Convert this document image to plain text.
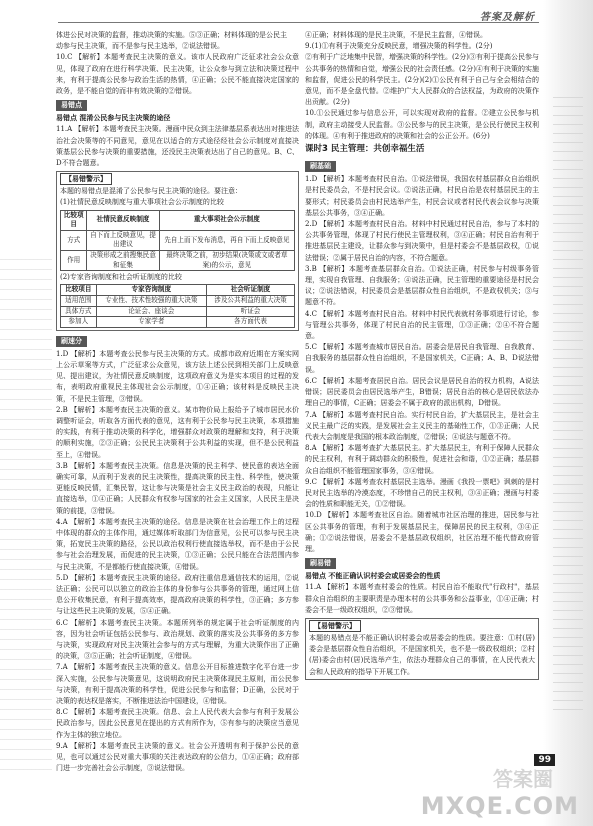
答案及解析

体进公民对决策的监督，推动决策的实施。⑤③正确；材料体现的是公民主

动参与民主决策，而不是参与民主选举，②说法错误。

10.C 【解析】本题考查民主决策的意义。该市人民政府广泛征求社会公众意见，体现了政府在进行科学决策、民主决策，让公众参与到立法和决策过程中来，有利于提高公民参与政治生活的热情，④正确；公民不能直接决定国家的政务，是不能自觉的而非有效决策的②错误。

易错点
易错点 混淆公民参与民主决策的途径

11.A 【解析】本题考查民主决策。漫画中民众到主法律基层系表达出对推进法治社会决策等的不同意见，意见在以适合的方式途径经社会公示制度对直接决策基层公民参与决策的重要措施，还没民主决策表达出了自己的意见。B、C、D不符合题意。

【易错警示】

本题的易错点是混淆了公民参与民主决策的途径。要注意：

(1)社情民意反映制度与重大事项社会公示制度的比较

比较项目	社情民意反映制度	重大事项社会公示制度
方式	自下而上反映意见，提出建议	先自上而下发布消息，再自下而上反映意见
作用	决策形成之前搜集民意和征集	最终决策之前，初步结果(决策或文或者草案)的公示，意见

(2)专家咨询制度和社会听证制度的比较

比较项目	专家咨询制度	社会听证制度
适用范围	专业性、技术性较强的重大决策	涉及公共利益的重大决策
具体方式	论证会、座谈会	听证会
参加人	专家学者	各方面代表
刷速分

1.D 【解析】本题考查公民参与民主决策的方式。成都市政府近期在方案实网上公示草案等方式，广泛征求公众意见，该方法上述公民到相关部门上反映意见、提出建议，为社情民意反映制度，这项政府意义为是实本项目的过程的发布，表明政府重视民主体现社会公示制度，①④正确；该材料是反映民主决策，不是民主管理，③错误。

2.B 【解析】本题考查民主决策的意义。某市物价局上报给予了城市居民水价调整听证会，听取各方面代表的意见，这有利于公民参与民主决策，本项措施的实践，有利于推动决策的科学化，增强群众对政策的理解和支持，利于决策的顺利实施，②③正确；公民民主决策利于公共利益的实现，但不是公民利益至上，④错误。

3.B 【解析】本题考查民主决策。信息是决策的民主科学、使民意的表达全面确实可靠，从而利于发表的民主决策性，提高决策的民主性、科学性，使决策更能反映民情，汇集民智，这让参与决策是社会主义民主政治的表现，只能让直接选举，①④正确；人民群众有权参与国家的社会主义国家，人民民主是决策的前提，③错误。

4.A 【解析】本题考查民主决策的途径。信息是决策在社会治理工作上的过程中体现的群众的主体作用，通过媒体听取部门为信意见，公民可以参与民主决策，拓宽民主决策的路径，公民以政治权利行使直接选举权，而不是由于公民参与社会治理发展，而促进的民主决策，①③正确；公民只能在合法范围内参与民主决策，不是都能行使直接决策，④错误。

5.D 【解析】本题考查民主决策的途径。政府注重信息通信技术的运用，②说法正确；公民可以以独立的政治主体的身份参与公共事务的管理，通过网上信息公开收集民意，有利于提高效率，提高政府决策的科学性，③正确；多方参与让这些民主决策的发展，⑤④正确。

6.C 【解析】本题考查民主决策。本题所列举的规定属于社会听证制度的内容，因为社会听证包括公民参与、政治规划、政策的落实及公共事务的多方参与决策，实现政府对民主决策社会参与的方式与理解，为重大决策作出了正确的决策，③⑤正确；社会听证制度，④错误。

7.A 【解析】本题考查民主决策的意义。信息公开目标推进数字化平台进一步深入实施，公民参与决策意见，这说明政府民主决策体现民主原则，而公民参与决策，有利于提高决策的科学性，促进公民参与和监督；D正确，公民对于决策的表达权是落实，不断推进法治中国建设，④错误。

8.C 【解析】本题考查民主决策。信息、会上人民代表大会参与有利于发展公民政治参与，因此公民意见在提出的方式有所作为，⑤有参与的决策应当意见作为主体的独立地位。

9.A 【解析】本题考查民主决策的意义。社会公开透明有利于保护公民的意见，也可以通过公民对重大事项的关注表达政府的公信力，①④正确；政府部门进一步完善社会公示制度，③说法错误。

④正确；材料体现的是民主决策，不是民主监督，④错误。

9.(1)①有利于决策充分反映民意，增强决策的科学性。(2分)

②有利于广泛地集中民智，增强决策的科学性。(2分)③有利于提高公民参与公共事务的热情和自觉，增强公民的社会责任感。(2分)④有利于决策的实施和监督，促进公民的科学民主。(2分)(2)①公民有利于自己与全会相结合的意见，而不是全盘代替。②维护广大人民群众的合法权益，为政府的决策作出贡献。(2分)

10.①公民通过参与信息公开，可以实现对政府的监督。②建立公民参与机制，政府主动接受人民监督。③公民参与的民主决策，是公民行使民主权利的体现。④有利于推进政府的决策和社会的公正公开。(6分)

课时3 民主管理：共创幸福生活
刷基础

1.D 【解析】本题考查村民自治。①说法错误，我国农村基层群众自治组织是村民委员会，不是村民会议。②说法正确，村民自治是农村基层民主的主要形式；村民委员会由村民选举产生，村民会议或者村民代表会议参与决策基层公共事务，③④正确。

2.D 【解析】本题考查村民自治。材料中村民通过村民自治，参与了本村的公共事务管理，体现了村民行使民主管理权利，③④正确；村民自治有利于推进基层民主建设，让群众参与到决策中，但是村委会不是基层政权，①说法错误；②属于居民自治的内容，不符合题意。

3.B 【解析】本题考查基层群众自治。①说法正确，村民参与村级事务管理，实现自我管理、自我服务；④说法正确，民主管理的重要途径是村民会议；②说法错误，村民委员会是基层群众性自治组织，不是政权机关；③与题意不符。

4.C 【解析】本题考查村民自治。材料中村民代表就村务事项进行讨论，参与管理公共事务，体现了村民自治的民主管理，①③正确；②④不符合题意。

5.C 【解析】本题考查城市居民自治。居委会是居民自我管理、自我教育、自我服务的基层群众性自治组织，不是国家机关，C正确；A、B、D说法错误。

6.C 【解析】本题考查居民自治。居民会议是居民自治的权力机构，A说法错误；居民委员会由居民选举产生，B错误；居民自治的核心是居民依法办理自己的事情，C正确；居委会不属于政府的派出机构，D错误。

7.A 【解析】本题考查村民自治。实行村民自治，扩大基层民主，是社会主义民主最广泛的实践，是发展社会主义民主的基础性工作，①③正确；人民代表大会制度是我国的根本政治制度，②错误；④说法与题意不符。

8.A 【解析】本题考查扩大基层民主。扩大基层民主，有利于保障人民群众的民主权利，有利于调动群众的积极性，促进社会和谐，①②正确；基层群众自治组织不能管理国家事务，③④错误。

9.C 【解析】本题考查农村基层民主选举。漫画《我投一票吧》讽刺的是村民对民主选举的冷漠态度，不珍惜自己的民主权利，③④正确；漫画与村委会的性质和职能无关，①②错误。

10.D 【解析】本题考查社区自治。随着城市社区治理的推进，居民参与社区公共事务的管理，有利于发展基层民主，保障居民的民主权利，③④正确；①②说法错误，居委会不是基层政权组织，社区治理不能代替政府管理。

刷易错
易错点 不能正确认识村委会或居委会的性质

11.A 【解析】本题考查村委会的性质。村民自治不能取代"行政村"，基层群众自治组织的主要职责是办理本村的公共事务和公益事业，①④正确；村委会不是一级政权组织，②③错误。

【易错警示】

本题的易错点是不能正确认识村委会或居委会的性质。要注意：①村(居)委会是基层群众性自治组织，不是国家机关，也不是一级政权组织；②村(居)委会由村(居)民选举产生，依法办理群众自己的事情，在人民代表大会和人民政府的指导下开展工作。

99
答案圈
MXQE.COM
